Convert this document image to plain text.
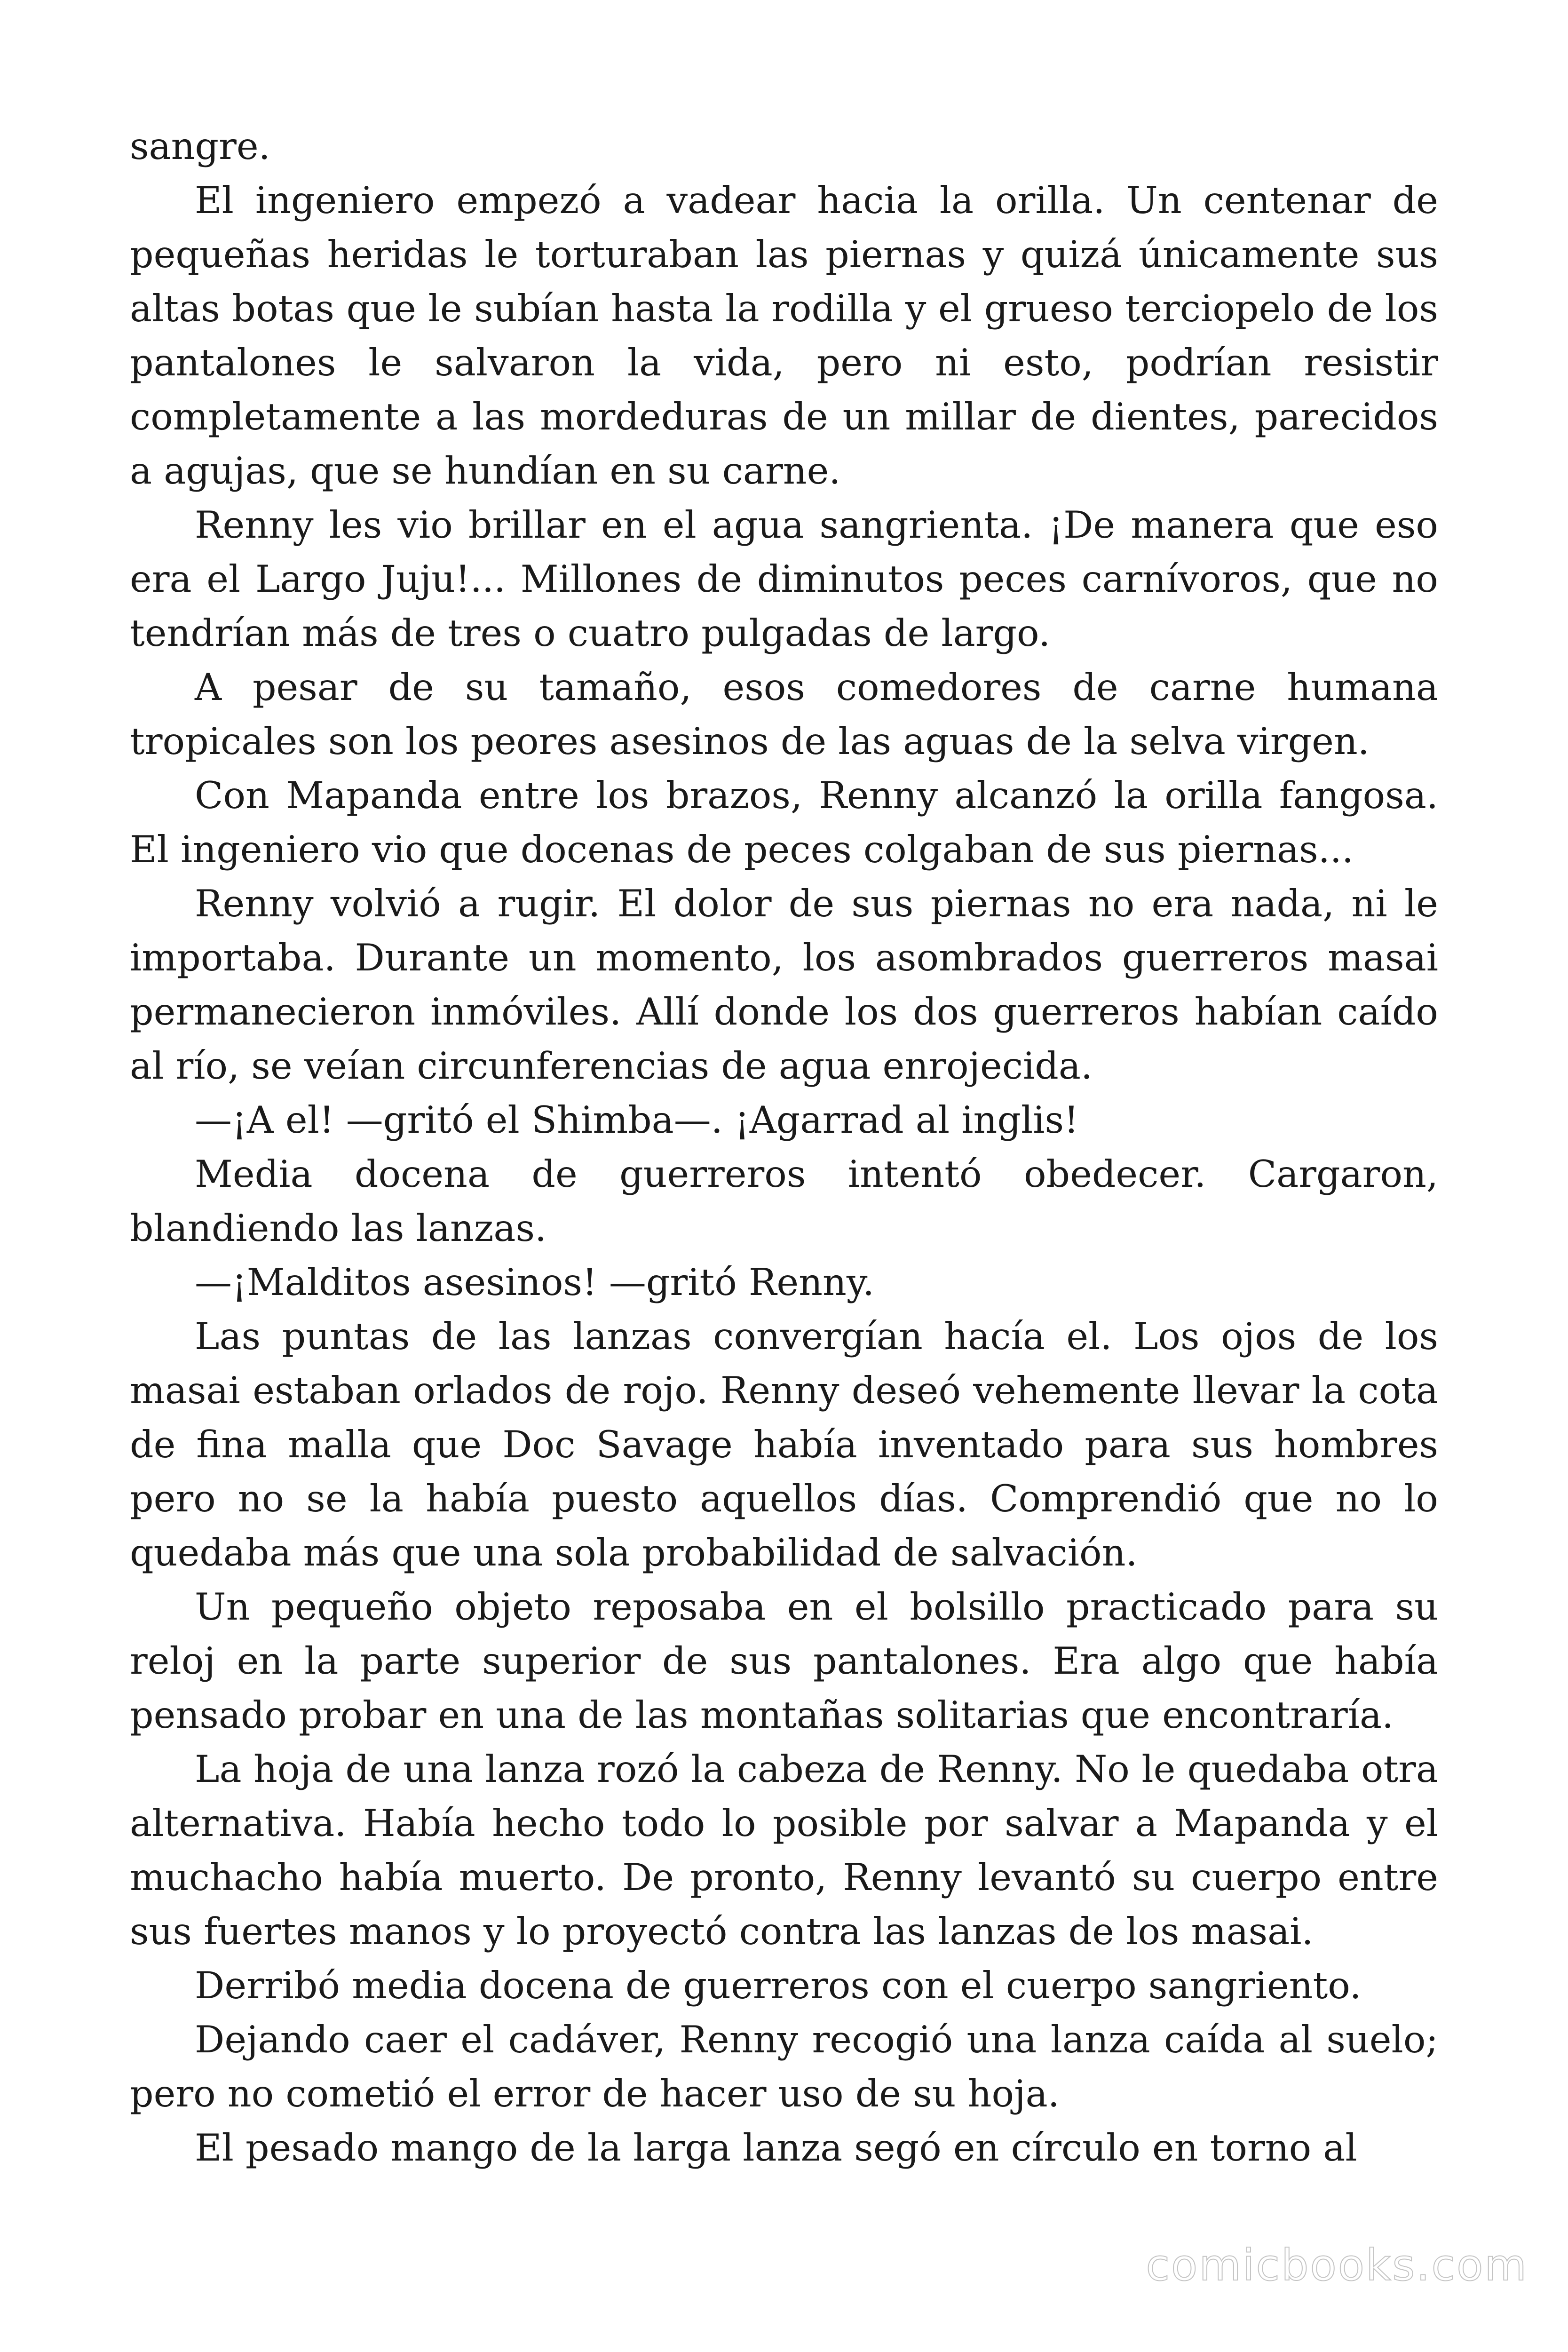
sangre.

El ingeniero empezó a vadear hacia la orilla. Un centenar de pequeñas heridas le torturaban las piernas y quizá únicamente sus altas botas que le subían hasta la rodilla y el grueso terciopelo de los pantalones le salvaron la vida, pero ni esto, podrían resistir completamente a las mordeduras de un millar de dientes, parecidos a agujas, que se hundían en su carne.

Renny les vio brillar en el agua sangrienta. ¡De manera que eso era el Largo Juju!... Millones de diminutos peces carnívoros, que no tendrían más de tres o cuatro pulgadas de largo.

A pesar de su tamaño, esos comedores de carne humana tropicales son los peores asesinos de las aguas de la selva virgen.

Con Mapanda entre los brazos, Renny alcanzó la orilla fangosa. El ingeniero vio que docenas de peces colgaban de sus piernas...

Renny volvió a rugir. El dolor de sus piernas no era nada, ni le importaba. Durante un momento, los asombrados guerreros masai permanecieron inmóviles. Allí donde los dos guerreros habían caído al río, se veían circunferencias de agua enrojecida.

—¡A el! —gritó el Shimba—. ¡Agarrad al inglis!

Media docena de guerreros intentó obedecer. Cargaron, blandiendo las lanzas.

—¡Malditos asesinos! —gritó Renny.

Las puntas de las lanzas convergían hacía el. Los ojos de los masai estaban orlados de rojo. Renny deseó vehemente llevar la cota de fina malla que Doc Savage había inventado para sus hombres pero no se la había puesto aquellos días. Comprendió que no lo quedaba más que una sola probabilidad de salvación.

Un pequeño objeto reposaba en el bolsillo practicado para su reloj en la parte superior de sus pantalones. Era algo que había pensado probar en una de las montañas solitarias que encontraría.

La hoja de una lanza rozó la cabeza de Renny. No le quedaba otra alternativa. Había hecho todo lo posible por salvar a Mapanda y el muchacho había muerto. De pronto, Renny levantó su cuerpo entre sus fuertes manos y lo proyectó contra las lanzas de los masai.

Derribó media docena de guerreros con el cuerpo sangriento.

Dejando caer el cadáver, Renny recogió una lanza caída al suelo; pero no cometió el error de hacer uso de su hoja.

El pesado mango de la larga lanza segó en círculo en torno al

comicbooks.com
